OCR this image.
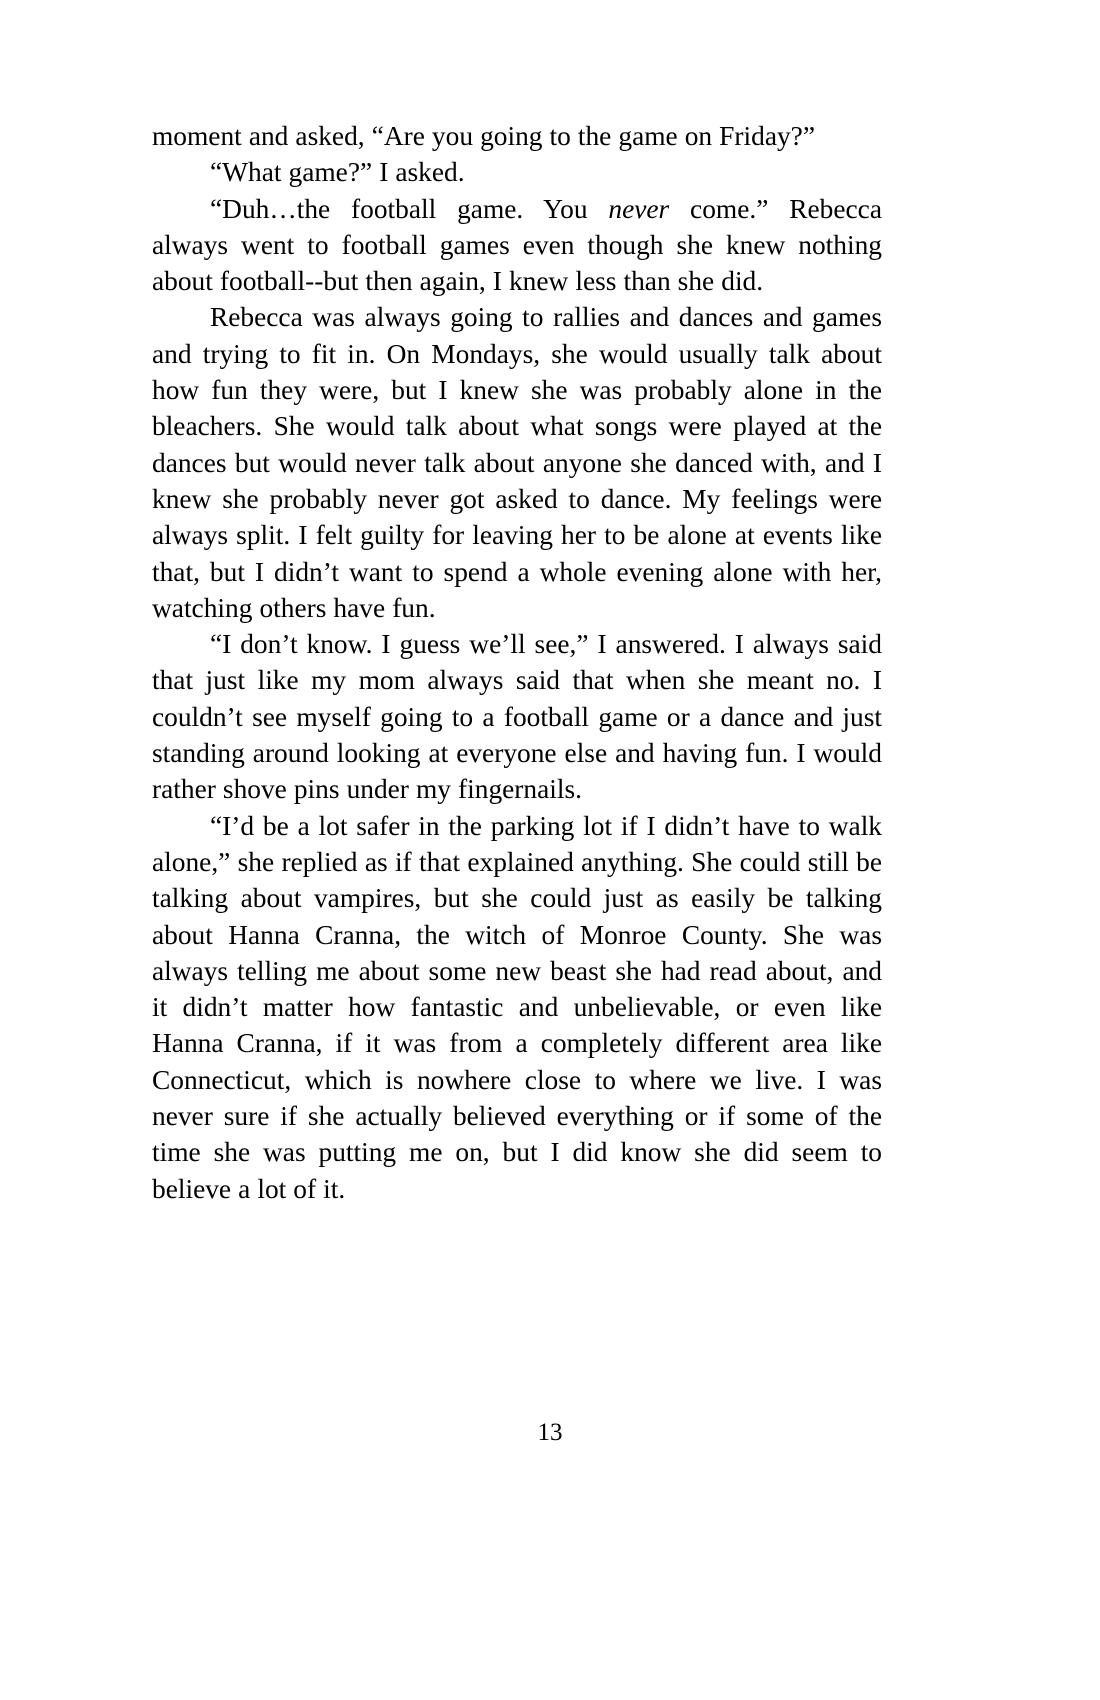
moment and asked, “Are you going to the game on Friday?”

“What game?” I asked.

“Duh…the football game. You never come.” Rebecca always went to football games even though she knew nothing about football--but then again, I knew less than she did.

Rebecca was always going to rallies and dances and games and trying to fit in. On Mondays, she would usually talk about how fun they were, but I knew she was probably alone in the bleachers. She would talk about what songs were played at the dances but would never talk about anyone she danced with, and I knew she probably never got asked to dance. My feelings were always split. I felt guilty for leaving her to be alone at events like that, but I didn’t want to spend a whole evening alone with her, watching others have fun.

“I don’t know. I guess we’ll see,” I answered. I always said that just like my mom always said that when she meant no. I couldn’t see myself going to a football game or a dance and just standing around looking at everyone else and having fun. I would rather shove pins under my fingernails.

“I’d be a lot safer in the parking lot if I didn’t have to walk alone,” she replied as if that explained anything. She could still be talking about vampires, but she could just as easily be talking about Hanna Cranna, the witch of Monroe County. She was always telling me about some new beast she had read about, and it didn’t matter how fantastic and unbelievable, or even like Hanna Cranna, if it was from a completely different area like Connecticut, which is nowhere close to where we live. I was never sure if she actually believed everything or if some of the time she was putting me on, but I did know she did seem to believe a lot of it.

13
